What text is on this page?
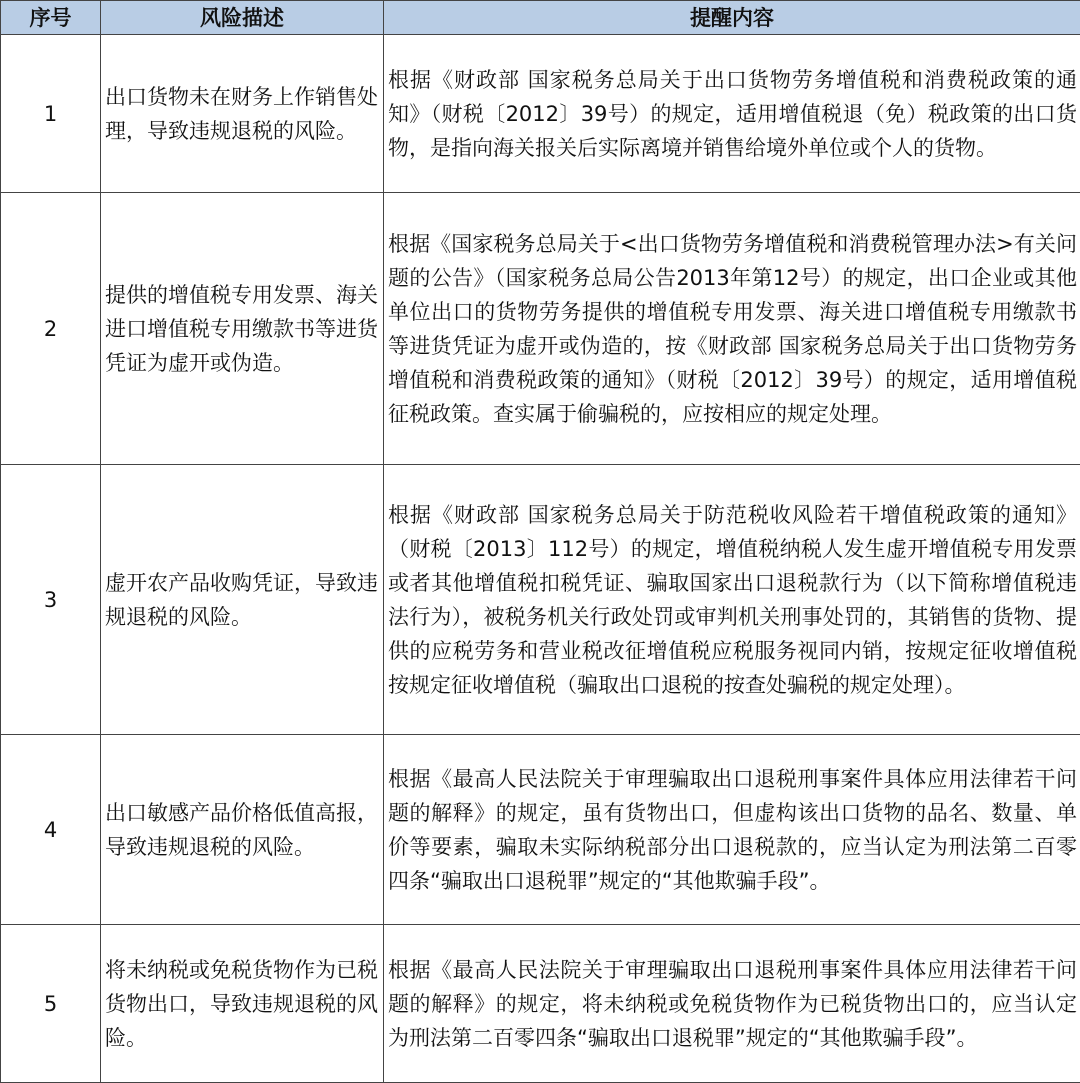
序号	风险描述	提醒内容
1	出口货物未在财务上作销售处理，导致违规退税的风险。	根据《财政部 国家税务总局关于出口货物劳务增值税和消费税政策的通知》（财税〔2012〕39号）的规定，适用增值税退（免）税政策的出口货物，是指向海关报关后实际离境并销售给境外单位或个人的货物。

2	提供的增值税专用发票、海关进口增值税专用缴款书等进货凭证为虚开或伪造。	根据《国家税务总局关于<出口货物劳务增值税和消费税管理办法>有关问题的公告》（国家税务总局公告2013年第12号）的规定，出口企业或其他单位出口的货物劳务提供的增值税专用发票、海关进口增值税专用缴款书等进货凭证为虚开或伪造的，按《财政部 国家税务总局关于出口货物劳务增值税和消费税政策的通知》（财税〔2012〕39号）的规定，适用增值税征税政策。查实属于偷骗税的，应按相应的规定处理。

3	虚开农产品收购凭证，导致违规退税的风险。	根据《财政部 国家税务总局关于防范税收风险若干增值税政策的通知》（财税〔2013〕112号）的规定，增值税纳税人发生虚开增值税专用发票或者其他增值税扣税凭证、骗取国家出口退税款行为（以下简称增值税违法行为），被税务机关行政处罚或审判机关刑事处罚的，其销售的货物、提供的应税劳务和营业税改征增值税应税服务视同内销，按规定征收增值税按规定征收增值税（骗取出口退税的按查处骗税的规定处理）。

4	出口敏感产品价格低值高报，导致违规退税的风险。	根据《最高人民法院关于审理骗取出口退税刑事案件具体应用法律若干问题的解释》的规定，虽有货物出口，但虚构该出口货物的品名、数量、单价等要素，骗取未实际纳税部分出口退税款的，应当认定为刑法第二百零四条“骗取出口退税罪”规定的“其他欺骗手段”。

5	将未纳税或免税货物作为已税货物出口，导致违规退税的风险。	根据《最高人民法院关于审理骗取出口退税刑事案件具体应用法律若干问题的解释》的规定，将未纳税或免税货物作为已税货物出口的，应当认定为刑法第二百零四条“骗取出口退税罪”规定的“其他欺骗手段”。
